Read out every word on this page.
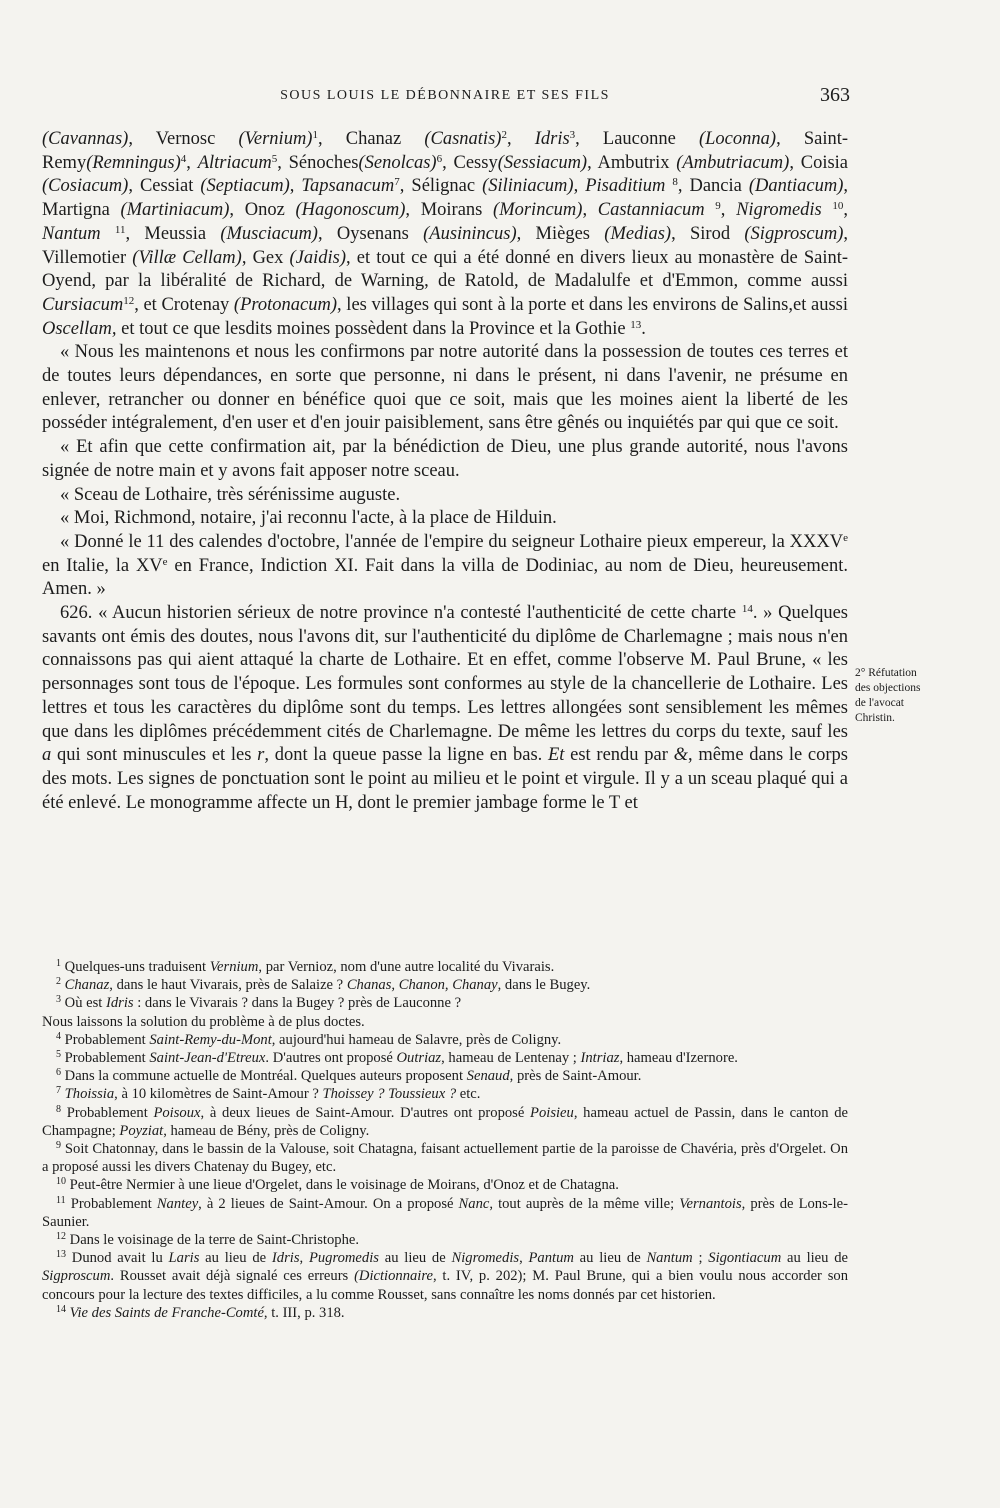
SOUS LOUIS LE DÉBONNAIRE ET SES FILS	363

(Cavannas), Vernosc (Vernium)$^1$, Chanaz (Casnatis)$^2$, Idris$^3$, Lauconne (Loconna), Saint-Remy(Remningus)$^4$, Altriacum$^5$, Sénoches(Senolcas)$^6$, Cessy(Sessiacum), Ambutrix (Ambutriacum), Coisia (Cosiacum), Cessiat (Septiacum), Tapsanacum$^7$, Sélignac (Siliniacum), Pisaditium $^8$, Dancia (Dantiacum), Martigna (Martiniacum), Onoz (Hagonoscum), Moirans (Morincum), Castanniacum $^9$, Nigromedis $^{10}$, Nantum $^{11}$, Meussia (Musciacum), Oysenans (Ausinincus), Mièges (Medias), Sirod (Sigproscum), Villemotier (Villæ Cellam), Gex (Jaidis), et tout ce qui a été donné en divers lieux au monastère de Saint-Oyend, par la libéralité de Richard, de Warning, de Ratold, de Madalulfe et d'Emmon, comme aussi Cursiacum$^{12}$, et Crotenay (Protonacum), les villages qui sont à la porte et dans les environs de Salins,et aussi Oscellam, et tout ce que lesdits moines possèdent dans la Province et la Gothie $^{13}$.

« Nous les maintenons et nous les confirmons par notre autorité dans la possession de toutes ces terres et de toutes leurs dépendances, en sorte que personne, ni dans le présent, ni dans l'avenir, ne présume en enlever, retrancher ou donner en bénéfice quoi que ce soit, mais que les moines aient la liberté de les posséder intégralement, d'en user et d'en jouir paisiblement, sans être gênés ou inquiétés par qui que ce soit.

« Et afin que cette confirmation ait, par la bénédiction de Dieu, une plus grande autorité, nous l'avons signée de notre main et y avons fait apposer notre sceau.

« Sceau de Lothaire, très sérénissime auguste.

« Moi, Richmond, notaire, j'ai reconnu l'acte, à la place de Hilduin.

« Donné le 11 des calendes d'octobre, l'année de l'empire du seigneur Lothaire pieux empereur, la XXXVe en Italie, la XVe en France, Indiction XI. Fait dans la villa de Dodiniac, au nom de Dieu, heureusement. Amen. »

626. « Aucun historien sérieux de notre province n'a contesté l'authenticité de cette charte $^{14}$. » Quelques savants ont émis des doutes, nous l'avons dit, sur l'authenticité du diplôme de Charlemagne ; mais nous n'en connaissons pas qui aient attaqué la charte de Lothaire. Et en effet, comme l'observe M. Paul Brune, « les personnages sont tous de l'époque. Les formules sont conformes au style de la chancellerie de Lothaire. Les lettres et tous les caractères du diplôme sont du temps. Les lettres allongées sont sensiblement les mêmes que dans les diplômes précédemment cités de Charlemagne. De même les lettres du corps du texte, sauf les a qui sont minuscules et les r, dont la queue passe la ligne en bas. Et est rendu par &, même dans le corps des mots. Les signes de ponctuation sont le point au milieu et le point et virgule. Il y a un sceau plaqué qui a été enlevé. Le monogramme affecte un H, dont le premier jambage forme le T et

2° Réfutation des objections de l'avocat Christin.

$^1$ Quelques-uns traduisent Vernium, par Vernioz, nom d'une autre localité du Vivarais.

$^2$ Chanaz, dans le haut Vivarais, près de Salaize ? Chanas, Chanon, Chanay, dans le Bugey.

$^3$ Où est Idris : dans le Vivarais ? dans la Bugey ? près de Lauconne ?

Nous laissons la solution du problème à de plus doctes.

$^4$ Probablement Saint-Remy-du-Mont, aujourd'hui hameau de Salavre, près de Coligny.

$^5$ Probablement Saint-Jean-d'Etreux. D'autres ont proposé Outriaz, hameau de Lentenay ; Intriaz, hameau d'Izernore.

$^6$ Dans la commune actuelle de Montréal. Quelques auteurs proposent Senaud, près de Saint-Amour.

$^7$ Thoissia, à 10 kilomètres de Saint-Amour ? Thoissey ? Toussieux ? etc.

$^8$ Probablement Poisoux, à deux lieues de Saint-Amour. D'autres ont proposé Poisieu, hameau actuel de Passin, dans le canton de Champagne; Poyziat, hameau de Bény, près de Coligny.

$^9$ Soit Chatonnay, dans le bassin de la Valouse, soit Chatagna, faisant actuellement partie de la paroisse de Chavéria, près d'Orgelet. On a proposé aussi les divers Chatenay du Bugey, etc.

$^{10}$ Peut-être Nermier à une lieue d'Orgelet, dans le voisinage de Moirans, d'Onoz et de Chatagna.

$^{11}$ Probablement Nantey, à 2 lieues de Saint-Amour. On a proposé Nanc, tout auprès de la même ville; Vernantois, près de Lons-le-Saunier.

$^{12}$ Dans le voisinage de la terre de Saint-Christophe.

$^{13}$ Dunod avait lu Laris au lieu de Idris, Pugromedis au lieu de Nigromedis, Pantum au lieu de Nantum ; Sigontiacum au lieu de Sigproscum. Rousset avait déjà signalé ces erreurs (Dictionnaire, t. IV, p. 202); M. Paul Brune, qui a bien voulu nous accorder son concours pour la lecture des textes difficiles, a lu comme Rousset, sans connaître les noms donnés par cet historien.

$^{14}$ Vie des Saints de Franche-Comté, t. III, p. 318.
